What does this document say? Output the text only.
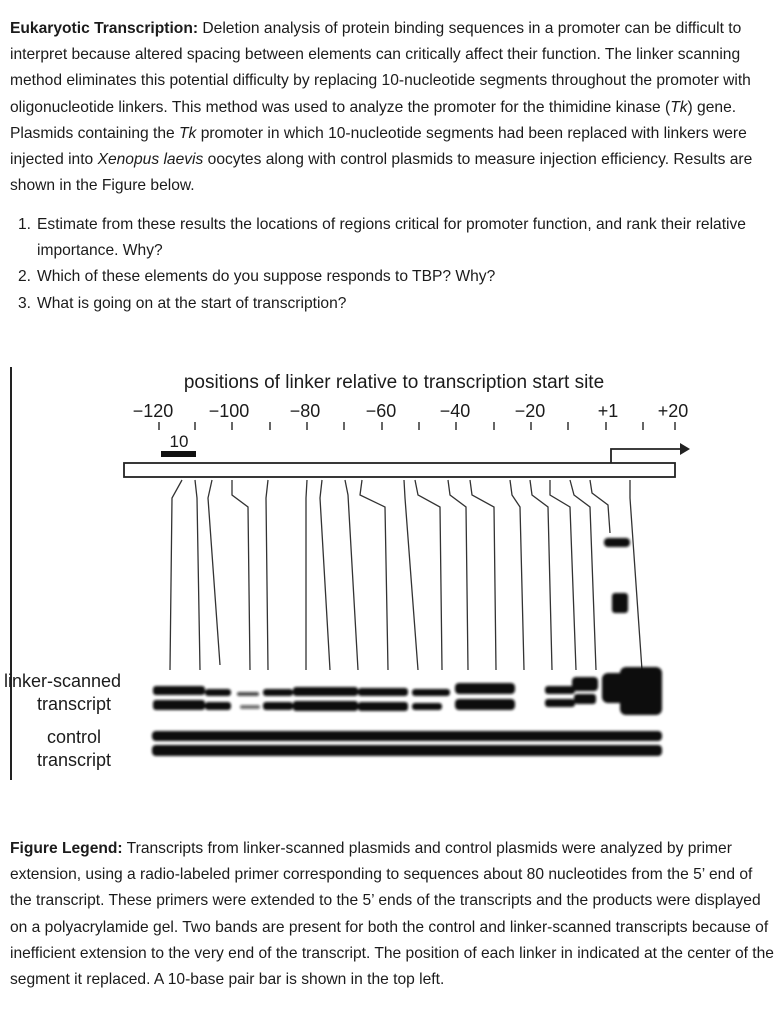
Eukaryotic Transcription: Deletion analysis of protein binding sequences in a promoter can be difficult to interpret because altered spacing between elements can critically affect their function. The linker scanning method eliminates this potential difficulty by replacing 10-nucleotide segments throughout the promoter with oligonucleotide linkers. This method was used to analyze the promoter for the thimidine kinase (Tk) gene. Plasmids containing the Tk promoter in which 10-nucleotide segments had been replaced with linkers were injected into Xenopus laevis oocytes along with control plasmids to measure injection efficiency. Results are shown in the Figure below.

1. Estimate from these results the locations of regions critical for promoter function, and rank their relative importance. Why?
2. Which of these elements do you suppose responds to TBP? Why?
3. What is going on at the start of transcription?
positions of linker relative to transcription start site
−120 −100 −80	−60 −40 −20	+1 +20
10
linker-scanned
transcript
control
transcript

Figure Legend: Transcripts from linker-scanned plasmids and control plasmids were analyzed by primer extension, using a radio-labeled primer corresponding to sequences about 80 nucleotides from the 5’ end of the transcript. These primers were extended to the 5’ ends of the transcripts and the products were displayed on a polyacrylamide gel. Two bands are present for both the control and linker-scanned transcripts because of inefficient extension to the very end of the transcript. The position of each linker in indicated at the center of the segment it replaced. A 10-base pair bar is shown in the top left.
